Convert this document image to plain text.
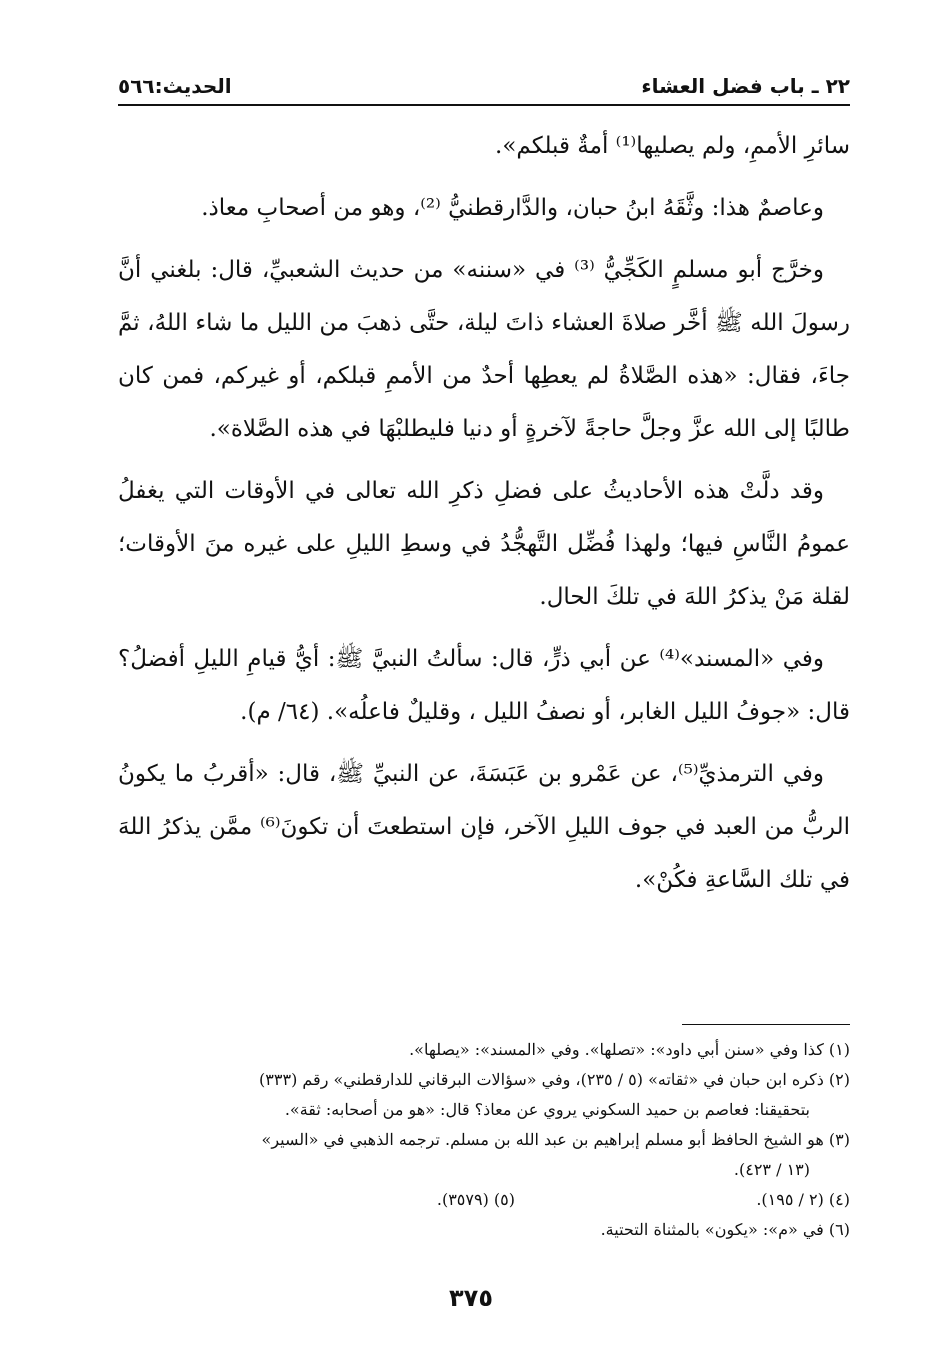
٢٢ ـ باب فضل العشاء
الحديث:٥٦٦

سائرِ الأممِ، ولم يصليها⁽¹⁾ أمةٌ قبلكم».

وعاصمٌ هذا: وثَّقَهُ ابنُ حبان، والدَّارقطنيُّ ⁽²⁾، وهو من أصحابِ معاذ.

وخرَّج أبو مسلمٍ الكَجِّيُّ ⁽³⁾ في «سننه» من حديث الشعبيِّ، قال: بلغني أنَّ رسولَ الله ﷺ أخَّر صلاةَ العشاء ذاتَ ليلة، حتَّى ذهبَ من الليل ما شاء اللهُ، ثمَّ جاءَ، فقال: «هذه الصَّلاةُ لم يعطِها أحدٌ من الأممِ قبلكم، أو غيركم، فمن كان طالبًا إلى الله عزَّ وجلَّ حاجةً لآخرةٍ أو دنيا فليطلبْهَا في هذه الصَّلاة».

وقد دلَّتْ هذه الأحاديثُ على فضلِ ذكرِ الله تعالى في الأوقات التي يغفلُ عمومُ النَّاسِ فيها؛ ولهذا فُضِّل التَّهجُّدُ في وسطِ الليلِ على غيره منَ الأوقات؛ لقلة مَنْ يذكرُ اللهَ في تلكَ الحال.

وفي «المسند»⁽⁴⁾ عن أبي ذرٍّ، قال: سألتُ النبيَّ ﷺ: أيُّ قيامِ الليلِ أفضلُ؟ قال: «جوفُ الليل الغابر، أو نصفُ الليل ، وقليلٌ فاعلُه». (٦٤/ م).

وفي الترمذيِّ⁽⁵⁾، عن عَمْرو بن عَبَسَةَ، عن النبيِّ ﷺ، قال: «أقربُ ما يكونُ الربُّ من العبد في جوف الليلِ الآخر، فإن استطعتَ أن تكونَ⁽⁶⁾ ممَّن يذكرُ اللهَ في تلك السَّاعةِ فكُنْ».

(١) كذا وفي «سنن أبي داود»: «تصلها». وفي «المسند»: «يصلها».

(٢) ذكره ابن حبان في «ثقاته» (٥ / ٢٣٥)، وفي «سؤالات البرقاني للدارقطني» رقم (٣٣٣)

بتحقيقنا: فعاصم بن حميد السكوني يروي عن معاذ؟ قال: «هو من أصحابه: ثقة».

(٣) هو الشيخ الحافظ أبو مسلم إبراهيم بن عبد الله بن مسلم. ترجمه الذهبي في «السير»

(١٣ / ٤٢٣).

(٤) (٢ / ١٩٥).

(٥) (٣٥٧٩).

(٦) في «م»: «يكون» بالمثناة التحتية.

٣٧٥
